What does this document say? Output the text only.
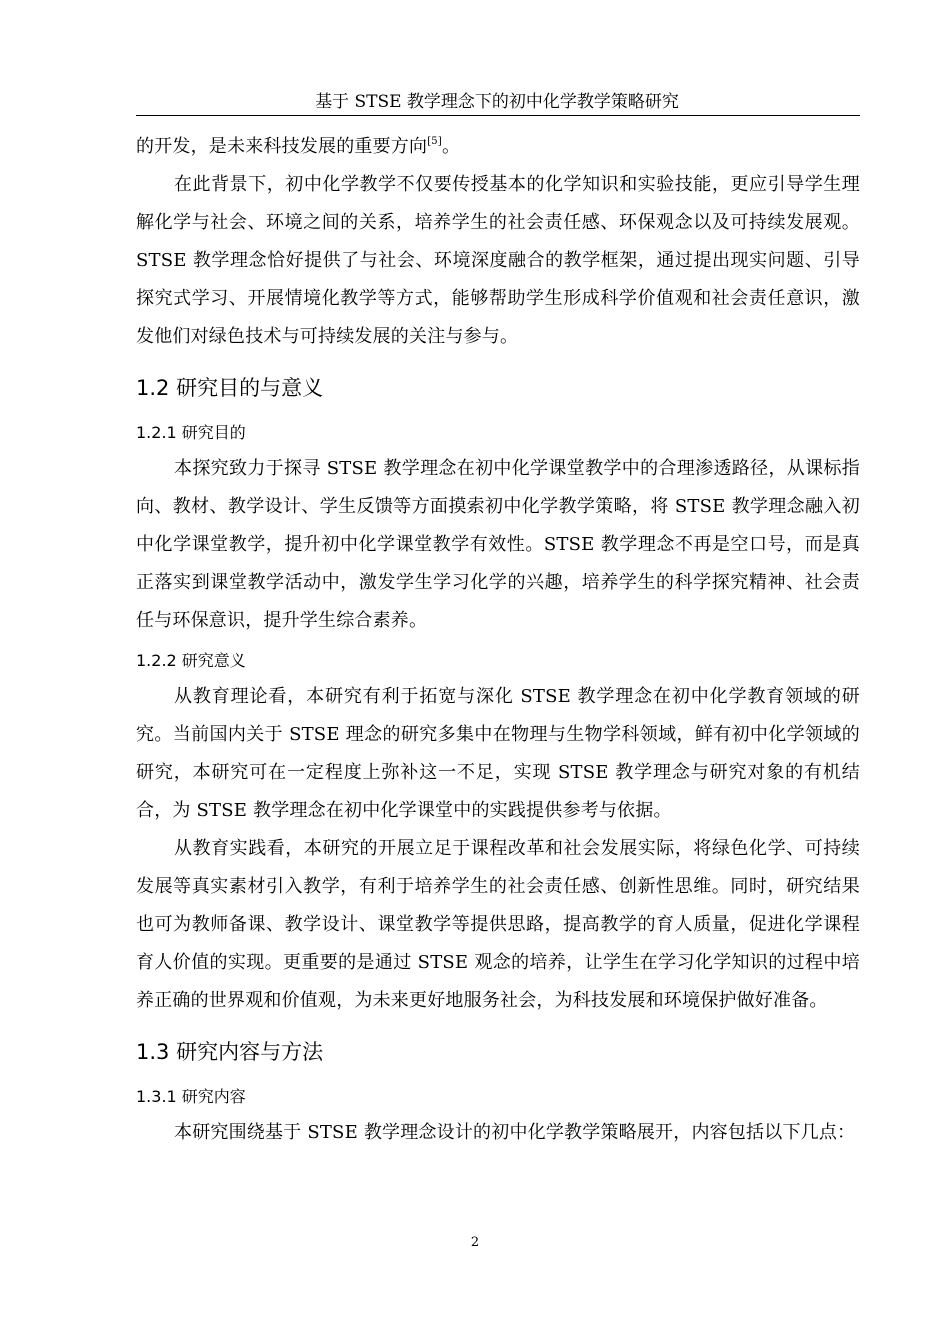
基于 STSE 教学理念下的初中化学教学策略研究

的开发，是未来科技发展的重要方向[5]。

在此背景下，初中化学教学不仅要传授基本的化学知识和实验技能，更应引导学生理解化学与社会、环境之间的关系，培养学生的社会责任感、环保观念以及可持续发展观。STSE 教学理念恰好提供了与社会、环境深度融合的教学框架，通过提出现实问题、引导探究式学习、开展情境化教学等方式，能够帮助学生形成科学价值观和社会责任意识，激发他们对绿色技术与可持续发展的关注与参与。

1.2 研究目的与意义
1.2.1 研究目的

本探究致力于探寻 STSE 教学理念在初中化学课堂教学中的合理渗透路径，从课标指向、教材、教学设计、学生反馈等方面摸索初中化学教学策略，将 STSE 教学理念融入初中化学课堂教学，提升初中化学课堂教学有效性。STSE 教学理念不再是空口号，而是真正落实到课堂教学活动中，激发学生学习化学的兴趣，培养学生的科学探究精神、社会责任与环保意识，提升学生综合素养。

1.2.2 研究意义

从教育理论看，本研究有利于拓宽与深化 STSE 教学理念在初中化学教育领域的研究。当前国内关于 STSE 理念的研究多集中在物理与生物学科领域，鲜有初中化学领域的研究，本研究可在一定程度上弥补这一不足，实现 STSE 教学理念与研究对象的有机结合，为 STSE 教学理念在初中化学课堂中的实践提供参考与依据。

从教育实践看，本研究的开展立足于课程改革和社会发展实际，将绿色化学、可持续发展等真实素材引入教学，有利于培养学生的社会责任感、创新性思维。同时，研究结果也可为教师备课、教学设计、课堂教学等提供思路，提高教学的育人质量，促进化学课程育人价值的实现。更重要的是通过 STSE 观念的培养，让学生在学习化学知识的过程中培养正确的世界观和价值观，为未来更好地服务社会，为科技发展和环境保护做好准备。

1.3 研究内容与方法
1.3.1 研究内容

本研究围绕基于 STSE 教学理念设计的初中化学教学策略展开，内容包括以下几点：

2
